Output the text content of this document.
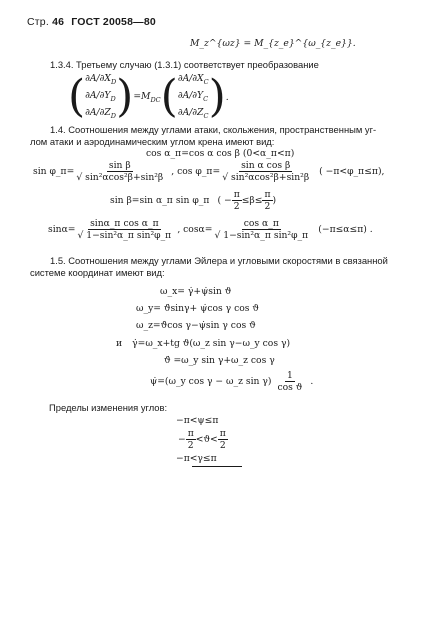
Стр. 46 ГОСТ 20058—80
M_z^{ωz} = M_{z_e}^{ω_{z_e}}.
1.3.4. Третьему случаю (1.3.1) соответствует преобразование
( $\partial A/\partial X_D$
$\partial A/\partial Y_D$
$\partial A/\partial Z_D$ ) $=M_{DC}$ ( $\partial A/\partial X_C$
$\partial A/\partial Y_C$
$\partial A/\partial Z_C$ ) .
1.4. Соотношения между углами атаки, скольжения, пространственным уг-
лом атаки и аэродинамическим углом крена имеют вид:
cos α_п=cos α cos β (0<α_п<π)
sin φ_п= $\frac{\text{sin β}}{\text{√ sin²αcos²β+sin²β}}$ , cos φ_п= $\frac{\text{sin α cos β}}{\text{√ sin²αcos²β+sin²β}}$ ( −π<φ_п≤π),
sin β=sin α_п sin φ_п ( − $\frac{\pi}{2} \le\beta\le \frac{\pi}{2}$ )
$\sin\alpha= \frac{\text{sinα\_п cos α\_п}}{\text{√ 1−sin²α\_п sin²φ\_п}}$ , $\cos\alpha= \frac{\text{cos α\_п}}{\text{√ 1−sin²α\_п sin²φ\_п}} (-\pi\le\alpha\le\pi)$ .
1.5. Соотношения между углами Эйлера и угловыми скоростями в связанной
системе координат имеют вид:
ω_x= γ̇+ψ̇sin ϑ
ω_y= ϑ̇sinγ+ ψ̇cos γ cos ϑ
ω_z=ϑ̇cos γ−ψ̇sin γ cos ϑ
и γ̇=ω_x+tg ϑ(ω_z sin γ−ω_y cos γ)
ϑ̇ =ω_y sin γ+ω_z cos γ
ψ̇=(ω_y cos γ − ω_z $\sin \gamma) \frac{1}{\text{cos ϑ}}$ .
Пределы изменения углов:
−π<ψ≤π
− $\frac{\pi}{2} <ϑ< \frac{\pi}{2}$
−π<γ≤π
